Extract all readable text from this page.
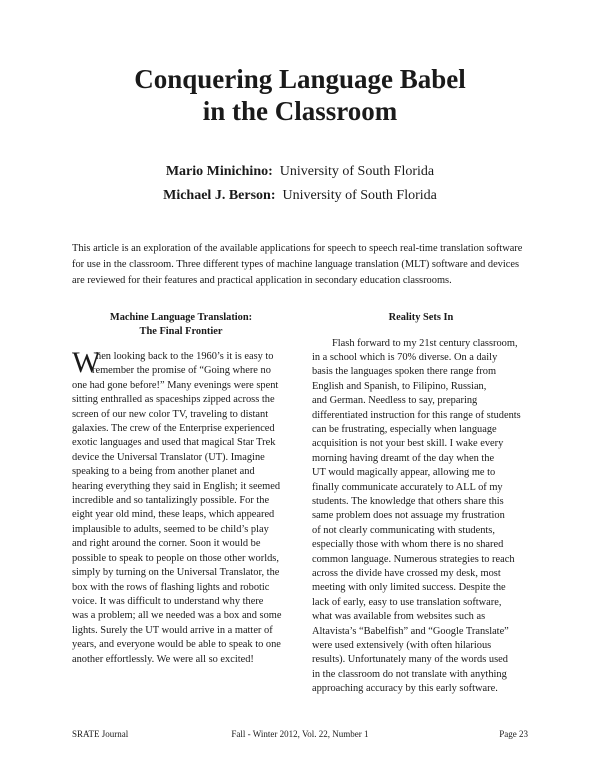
Conquering Language Babel
in the Classroom
Mario Minichino: University of South Florida
Michael J. Berson: University of South Florida

This article is an exploration of the available applications for speech to speech real-time translation software for use in the classroom. Three different types of machine language translation (MLT) software and devices are reviewed for their features and practical application in secondary education classrooms.

Machine Language Translation:
The Final Frontier
W
hen looking back to the 1960’s it is easy to
remember the promise of “Going where no
one had gone before!” Many evenings were spent
sitting enthralled as spaceships zipped across the
screen of our new color TV, traveling to distant
galaxies. The crew of the Enterprise experienced
exotic languages and used that magical Star Trek
device the Universal Translator (UT). Imagine
speaking to a being from another planet and
hearing everything they said in English; it seemed
incredible and so tantalizingly possible. For the
eight year old mind, these leaps, which appeared
implausible to adults, seemed to be child’s play
and right around the corner. Soon it would be
possible to speak to people on those other worlds,
simply by turning on the Universal Translator, the
box with the rows of flashing lights and robotic
voice. It was difficult to understand why there
was a problem; all we needed was a box and some
lights. Surely the UT would arrive in a matter of
years, and everyone would be able to speak to one
another effortlessly. We were all so excited!
Reality Sets In
Flash forward to my 21st century classroom,
in a school which is 70% diverse. On a daily
basis the languages spoken there range from
English and Spanish, to Filipino, Russian,
and German. Needless to say, preparing
differentiated instruction for this range of students
can be frustrating, especially when language
acquisition is not your best skill. I wake every
morning having dreamt of the day when the
UT would magically appear, allowing me to
finally communicate accurately to ALL of my
students. The knowledge that others share this
same problem does not assuage my frustration
of not clearly communicating with students,
especially those with whom there is no shared
common language. Numerous strategies to reach
across the divide have crossed my desk, most
meeting with only limited success. Despite the
lack of early, easy to use translation software,
what was available from websites such as
Altavista’s “Babelfish” and “Google Translate”
were used extensively (with often hilarious
results). Unfortunately many of the words used
in the classroom do not translate with anything
approaching accuracy by this early software.
SRATE Journal	Fall - Winter 2012, Vol. 22, Number 1	Page 23
